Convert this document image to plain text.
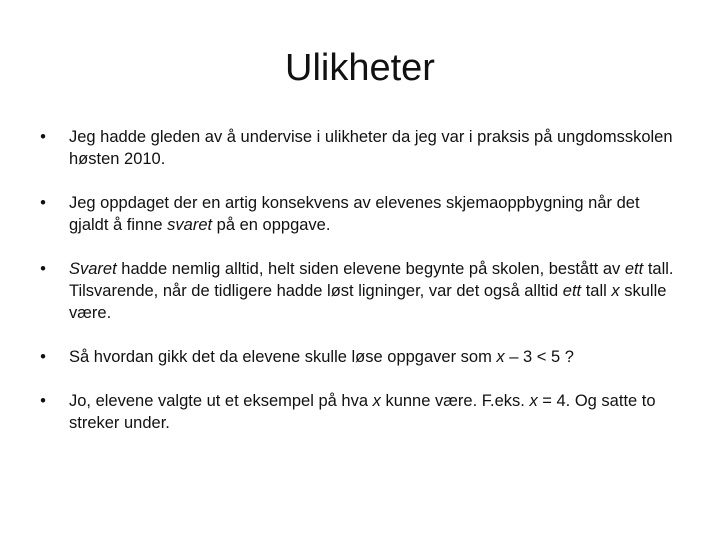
Ulikheter
• Jeg hadde gleden av å undervise i ulikheter da jeg var i praksis på ungdomsskolen høsten 2010.
• Jeg oppdaget der en artig konsekvens av elevenes skjemaoppbygning når det gjaldt å finne svaret på en oppgave.
• Svaret hadde nemlig alltid, helt siden elevene begynte på skolen, bestått av ett tall. Tilsvarende, når de tidligere hadde løst ligninger, var det også alltid ett tall x skulle være.
• Så hvordan gikk det da elevene skulle løse oppgaver som x – 3 < 5 ?
• Jo, elevene valgte ut et eksempel på hva x kunne være. F.eks. x = 4. Og satte to streker under.
